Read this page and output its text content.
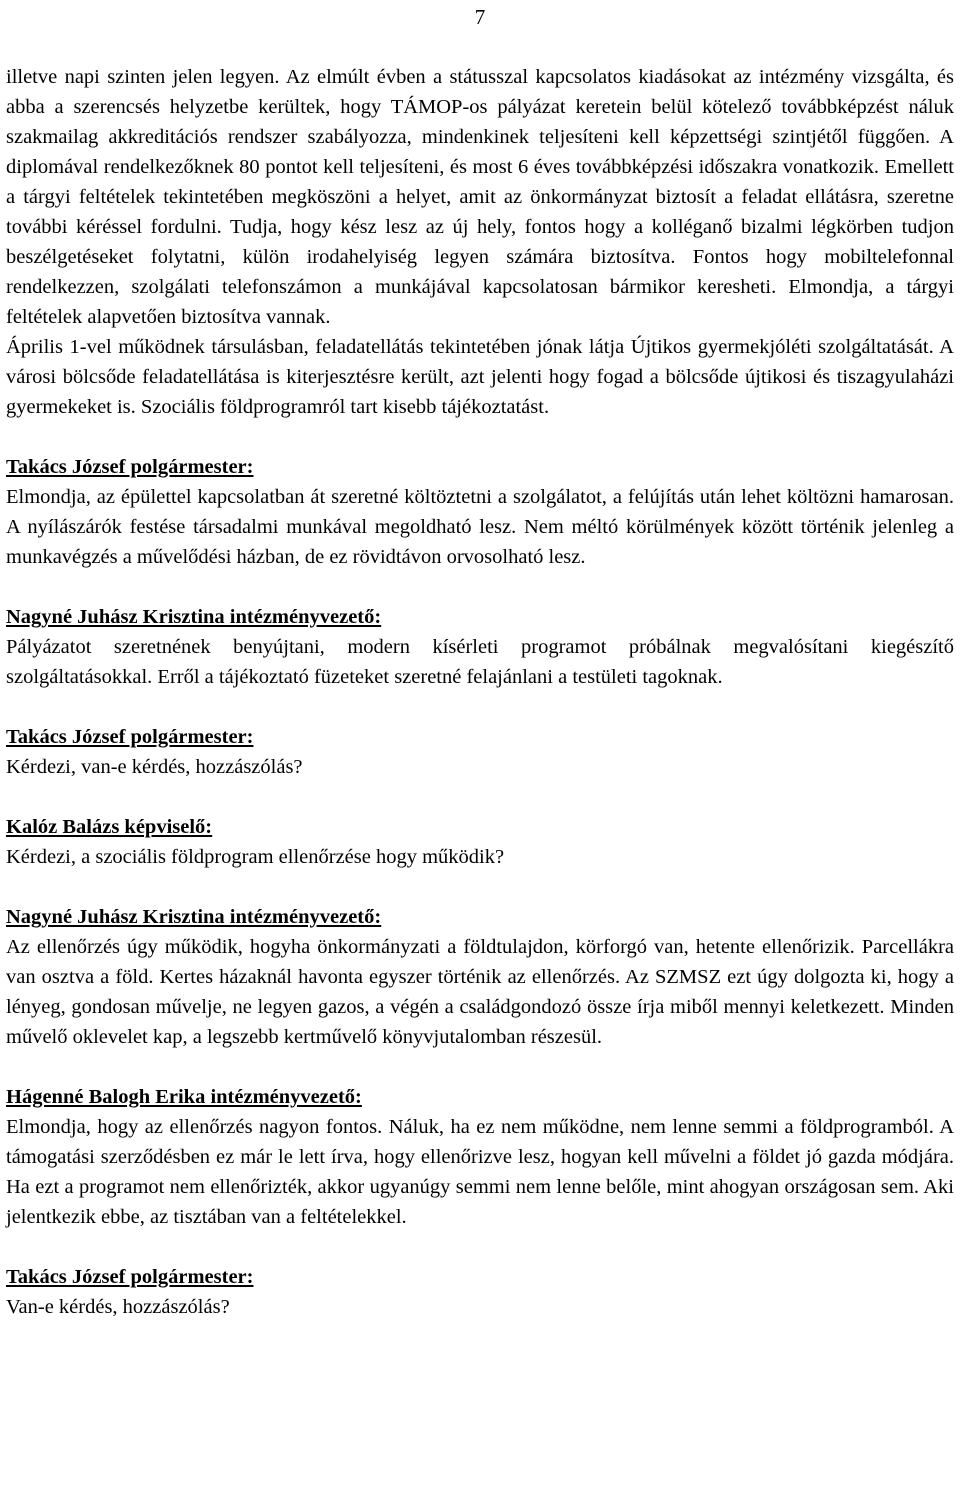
7

illetve napi szinten jelen legyen. Az elmúlt évben a státusszal kapcsolatos kiadásokat az intézmény vizsgálta, és abba a szerencsés helyzetbe kerültek, hogy TÁMOP-os pályázat keretein belül kötelező továbbképzést náluk szakmailag akkreditációs rendszer szabályozza, mindenkinek teljesíteni kell képzettségi szintjétől függően. A diplomával rendelkezőknek 80 pontot kell teljesíteni, és most 6 éves továbbképzési időszakra vonatkozik. Emellett a tárgyi feltételek tekintetében megköszöni a helyet, amit az önkormányzat biztosít a feladat ellátásra, szeretne további kéréssel fordulni. Tudja, hogy kész lesz az új hely, fontos hogy a kolléganő bizalmi légkörben tudjon beszélgetéseket folytatni, külön irodahelyiség legyen számára biztosítva. Fontos hogy mobiltelefonnal rendelkezzen, szolgálati telefonszámon a munkájával kapcsolatosan bármikor keresheti. Elmondja, a tárgyi feltételek alapvetően biztosítva vannak.

Április 1-vel működnek társulásban, feladatellátás tekintetében jónak látja Újtikos gyermekjóléti szolgáltatását. A városi bölcsőde feladatellátása is kiterjesztésre került, azt jelenti hogy fogad a bölcsőde újtikosi és tiszagyulaházi gyermekeket is. Szociális földprogramról tart kisebb tájékoztatást.

Takács József polgármester:

Elmondja, az épülettel kapcsolatban át szeretné költöztetni a szolgálatot, a felújítás után lehet költözni hamarosan. A nyílászárók festése társadalmi munkával megoldható lesz. Nem méltó körülmények között történik jelenleg a munkavégzés a művelődési házban, de ez rövidtávon orvosolható lesz.

Nagyné Juhász Krisztina intézményvezető:

Pályázatot szeretnének benyújtani, modern kísérleti programot próbálnak megvalósítani kiegészítő szolgáltatásokkal. Erről a tájékoztató füzeteket szeretné felajánlani a testületi tagoknak.

Takács József polgármester:

Kérdezi, van-e kérdés, hozzászólás?

Kalóz Balázs képviselő:

Kérdezi, a szociális földprogram ellenőrzése hogy működik?

Nagyné Juhász Krisztina intézményvezető:

Az ellenőrzés úgy működik, hogyha önkormányzati a földtulajdon, körforgó van, hetente ellenőrizik. Parcellákra van osztva a föld. Kertes házaknál havonta egyszer történik az ellenőrzés. Az SZMSZ ezt úgy dolgozta ki, hogy a lényeg, gondosan művelje, ne legyen gazos, a végén a családgondozó össze írja miből mennyi keletkezett. Minden művelő oklevelet kap, a legszebb kertművelő könyvjutalomban részesül.

Hágenné Balogh Erika intézményvezető:

Elmondja, hogy az ellenőrzés nagyon fontos. Náluk, ha ez nem működne, nem lenne semmi a földprogramból. A támogatási szerződésben ez már le lett írva, hogy ellenőrizve lesz, hogyan kell művelni a földet jó gazda módjára. Ha ezt a programot nem ellenőrizték, akkor ugyanúgy semmi nem lenne belőle, mint ahogyan országosan sem. Aki jelentkezik ebbe, az tisztában van a feltételekkel.

Takács József polgármester:

Van-e kérdés, hozzászólás?
